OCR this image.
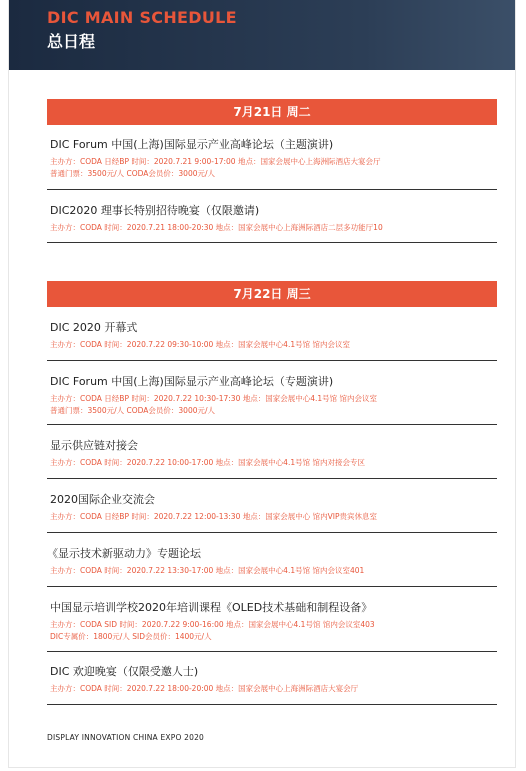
DIC MAIN SCHEDULE
总日程
7月21日 周二
DIC Forum 中国(上海)国际显示产业高峰论坛（主题演讲)
主办方：CODA 日经BP 时间：2020.7.21 9:00-17:00 地点：国家会展中心上海洲际酒店大宴会厅
普通门票：3500元/人 CODA会员价：3000元/人
DIC2020 理事长特别招待晚宴（仅限邀请)
主办方：CODA 时间：2020.7.21 18:00-20:30 地点：国家会展中心上海洲际酒店二层多功能厅10
7月22日 周三
DIC 2020 开幕式
主办方：CODA 时间：2020.7.22 09:30-10:00 地点：国家会展中心4.1号馆 馆内会议室
DIC Forum 中国(上海)国际显示产业高峰论坛（专题演讲)
主办方：CODA 日经BP 时间：2020.7.22 10:30-17:30 地点：国家会展中心4.1号馆 馆内会议室
普通门票：3500元/人 CODA会员价：3000元/人
显示供应链对接会
主办方：CODA 时间：2020.7.22 10:00-17:00 地点：国家会展中心4.1号馆 馆内对接会专区
2020国际企业交流会
主办方：CODA 日经BP 时间：2020.7.22 12:00-13:30 地点：国家会展中心 馆内VIP贵宾休息室
《显示技术新驱动力》专题论坛
主办方：CODA 时间：2020.7.22 13:30-17:00 地点：国家会展中心4.1号馆 馆内会议室401
中国显示培训学校2020年培训课程《OLED技术基础和制程设备》
主办方：CODA SID 时间：2020.7.22 9:00-16:00 地点：国家会展中心4.1号馆 馆内会议室403
DIC专属价：1800元/人 SID会员价：1400元/人
DIC 欢迎晚宴（仅限受邀人士)
主办方：CODA 时间：2020.7.22 18:00-20:00 地点：国家会展中心上海洲际酒店大宴会厅
DISPLAY INNOVATION CHINA EXPO 2020
